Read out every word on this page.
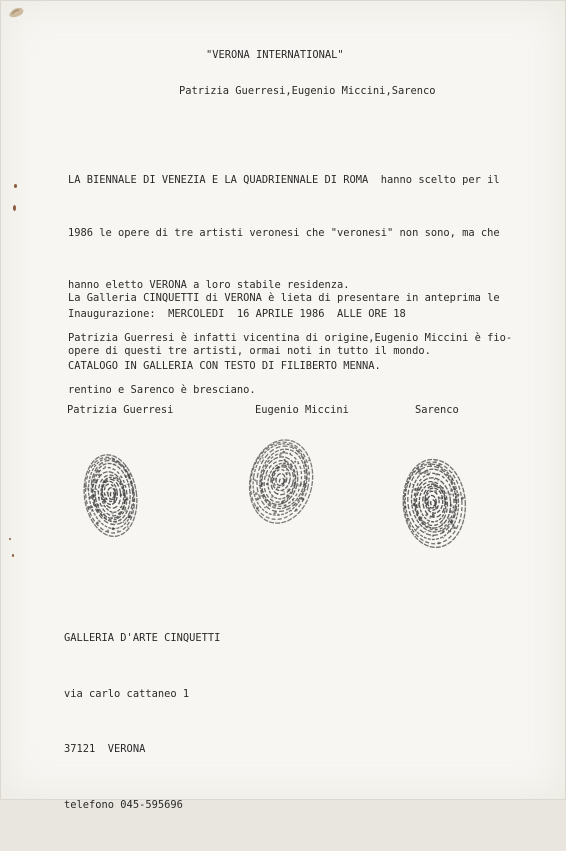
"VERONA INTERNATIONAL"
Patrizia Guerresi,Eugenio Miccini,Sarenco

LA BIENNALE DI VENEZIA E LA QUADRIENNALE DI ROMA  hanno scelto per il

1986 le opere di tre artisti veronesi che "veronesi" non sono, ma che

hanno eletto VERONA a loro stabile residenza.

Patrizia Guerresi è infatti vicentina di origine,Eugenio Miccini è fio-

rentino e Sarenco è bresciano.

La Galleria CINQUETTI di VERONA è lieta di presentare in anteprima le

opere di questi tre artisti, ormai noti in tutto il mondo.

Inaugurazione:  MERCOLEDI  16 APRILE 1986  ALLE ORE 18
CATALOGO IN GALLERIA CON TESTO DI FILIBERTO MENNA.
Patrizia Guerresi	Eugenio Miccini	Sarenco

GALLERIA D'ARTE CINQUETTI

via carlo cattaneo 1

37121  VERONA

telefono 045-595696
